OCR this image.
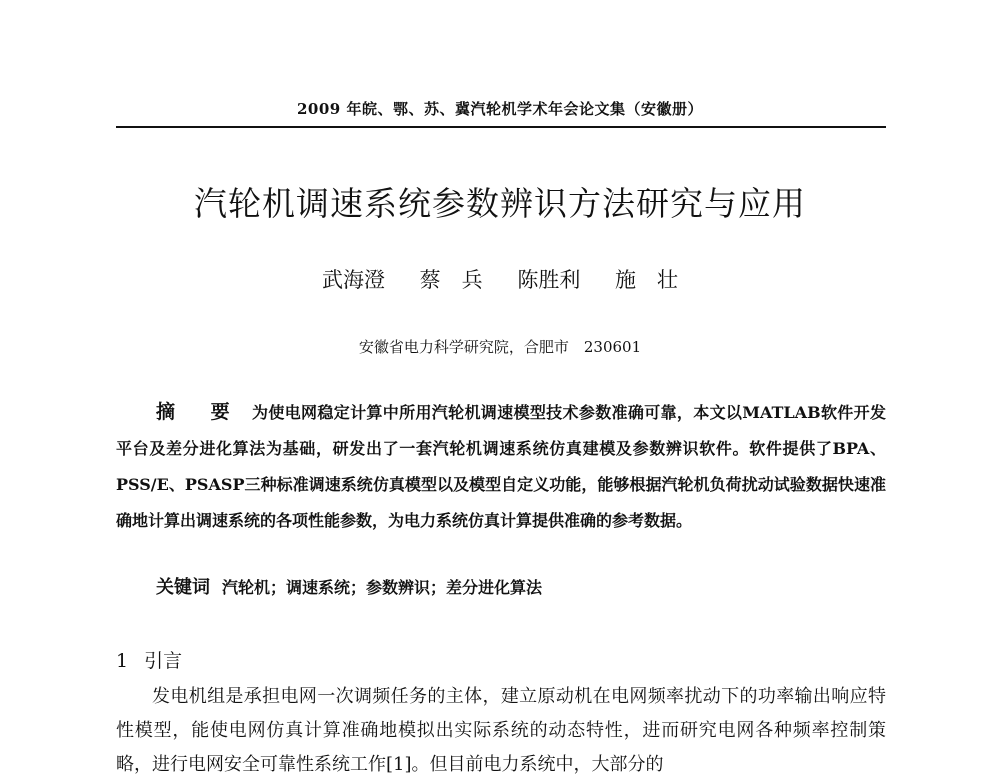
2009 年皖、鄂、苏、冀汽轮机学术年会论文集（安徽册）
汽轮机调速系统参数辨识方法研究与应用
武海澄 蔡　兵 陈胜利 施　壮
安徽省电力科学研究院，合肥市　230601

摘　要 为使电网稳定计算中所用汽轮机调速模型技术参数准确可靠，本文以MATLAB软件开发平台及差分进化算法为基础，研发出了一套汽轮机调速系统仿真建模及参数辨识软件。软件提供了BPA、PSS/E、PSASP三种标准调速系统仿真模型以及模型自定义功能，能够根据汽轮机负荷扰动试验数据快速准确地计算出调速系统的各项性能参数，为电力系统仿真计算提供准确的参考数据。

关键词 汽轮机；调速系统；参数辨识；差分进化算法
1 引言

发电机组是承担电网一次调频任务的主体，建立原动机在电网频率扰动下的功率输出响应特性模型，能使电网仿真计算准确地模拟出实际系统的动态特性，进而研究电网各种频率控制策略，进行电网安全可靠性系统工作[1]。但目前电力系统中，大部分的
